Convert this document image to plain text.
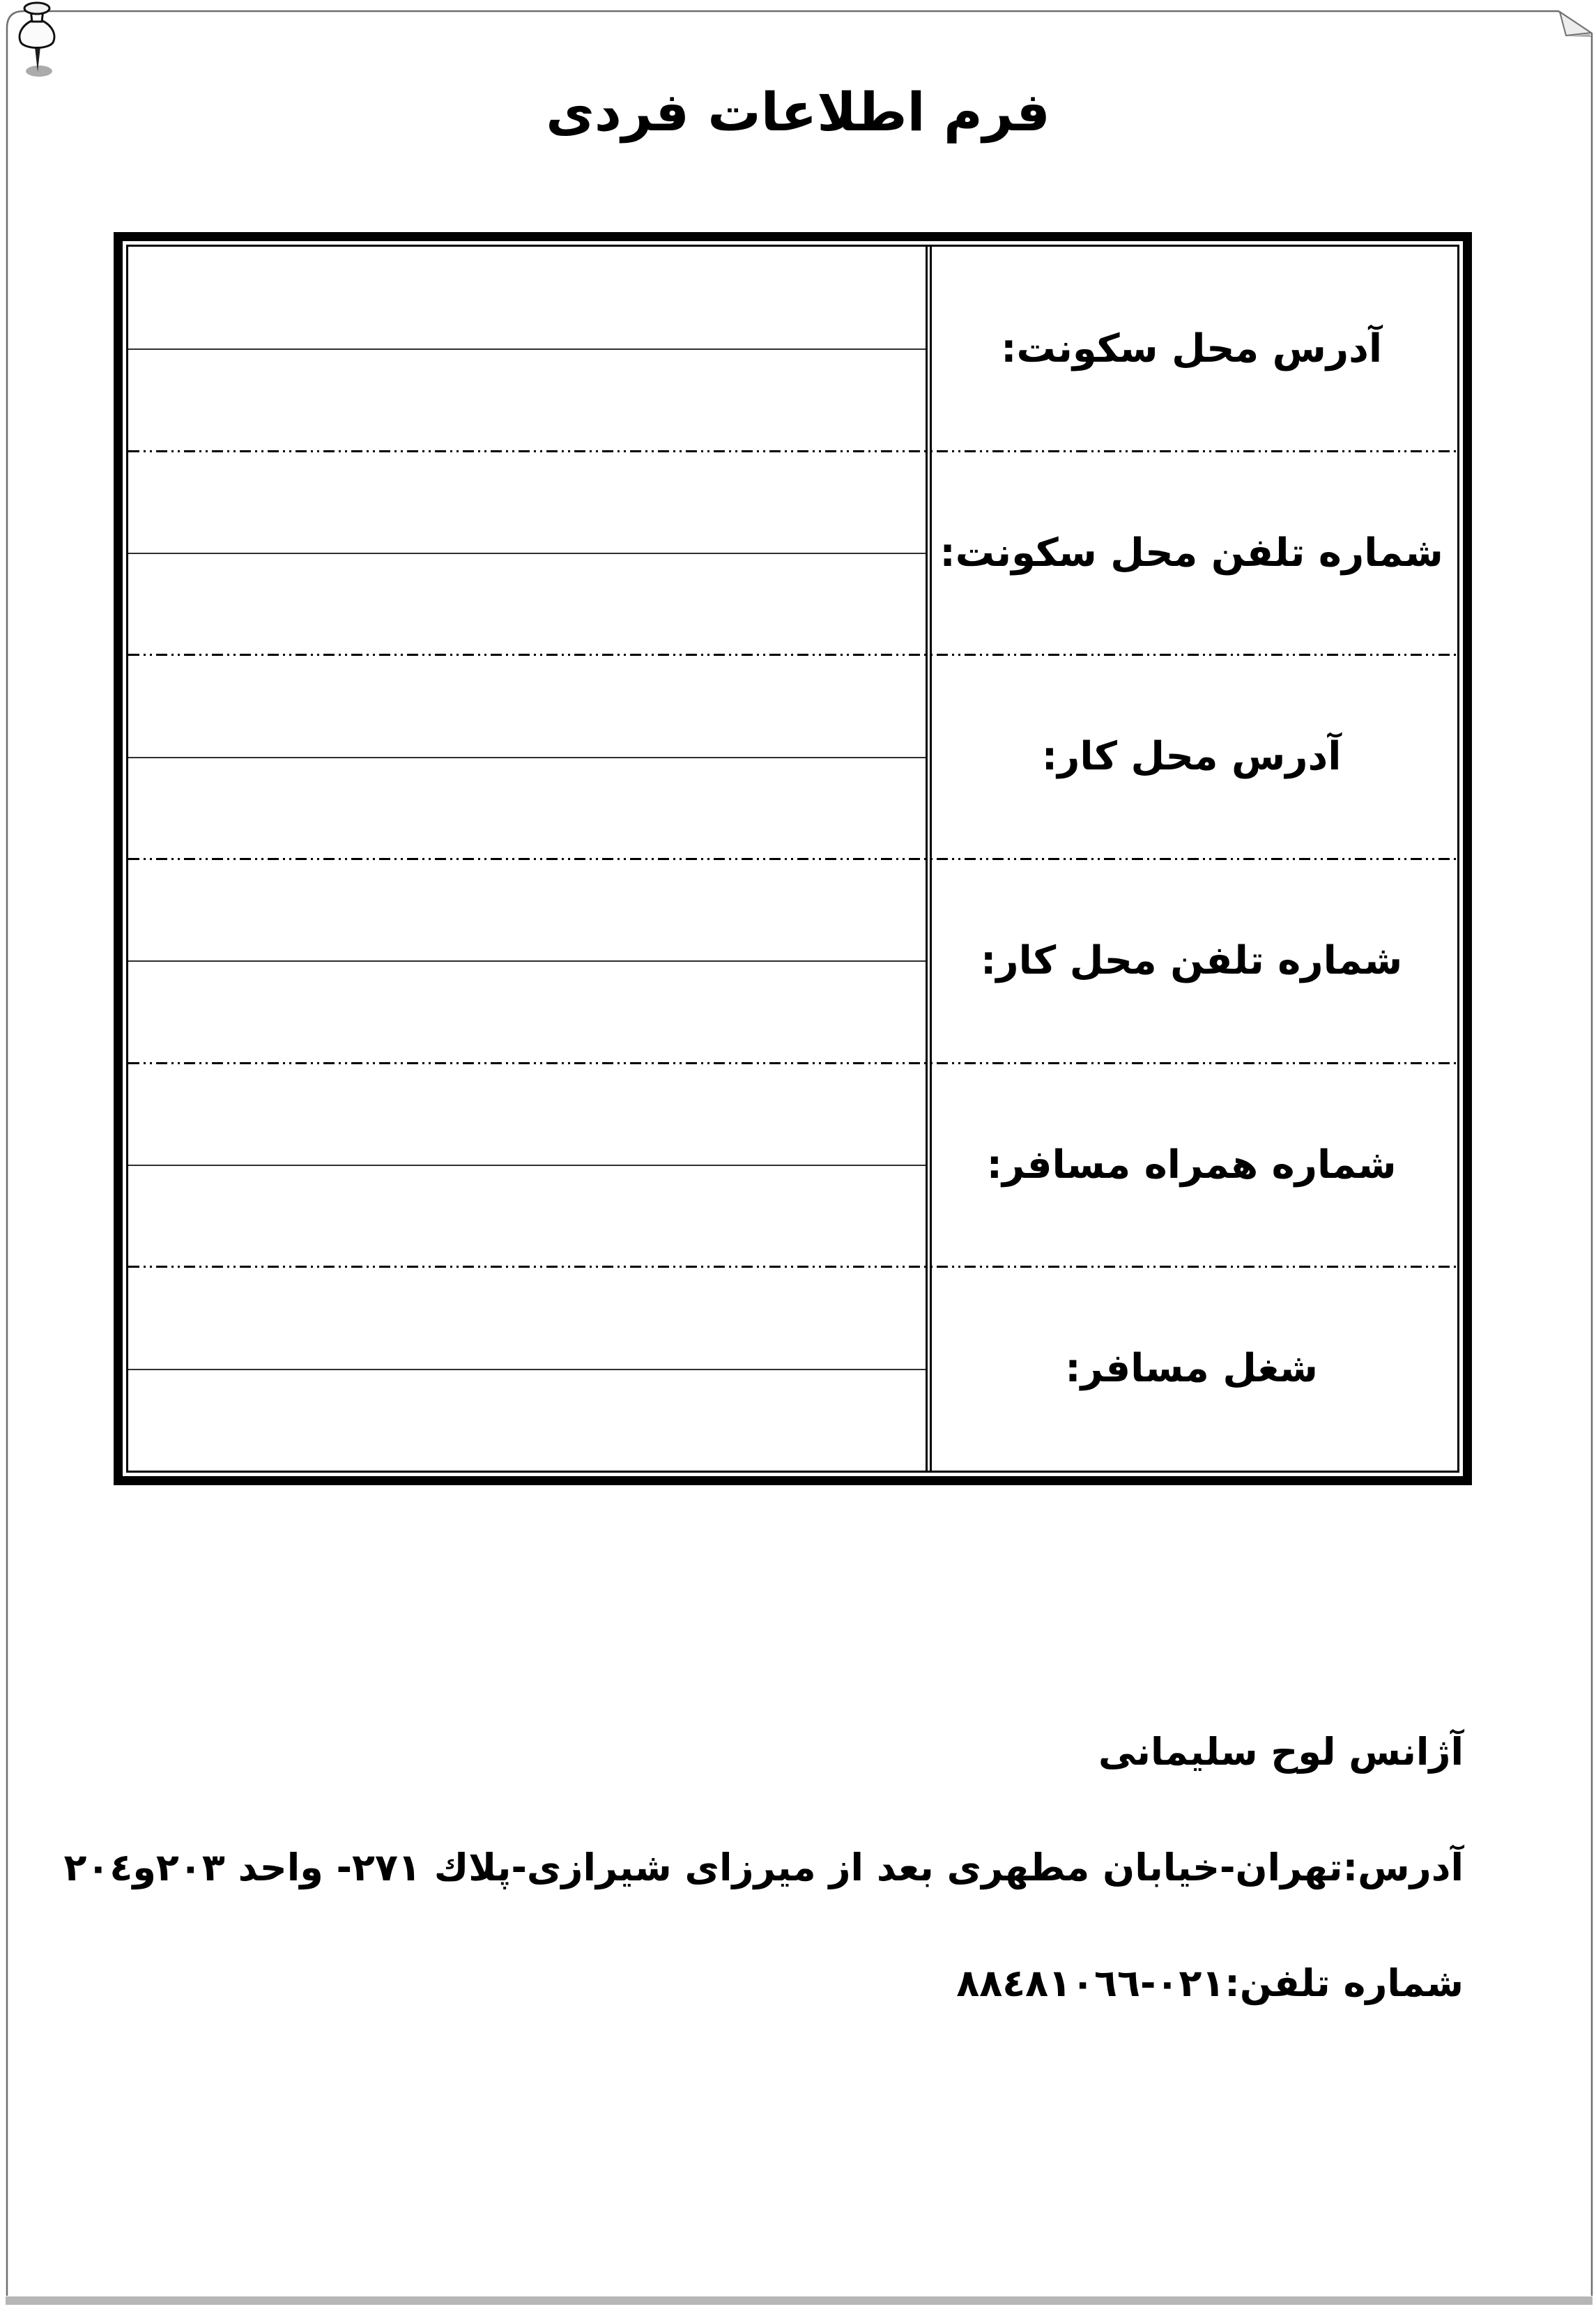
فرم اطلاعات فردی
آدرس محل سکونت:
شماره تلفن محل سکونت:
آدرس محل کار:
شماره تلفن محل کار:
شماره همراه مسافر:
شغل مسافر:

آژانس لوح سلیمانی

آدرس:تهران-خیابان مطهری بعد از میرزای شیرازی-پلاك ٢٧١- واحد ٢٠٣و٢٠٤

شماره تلفن:٠٢١-٨٨٤٨١٠٦٦
